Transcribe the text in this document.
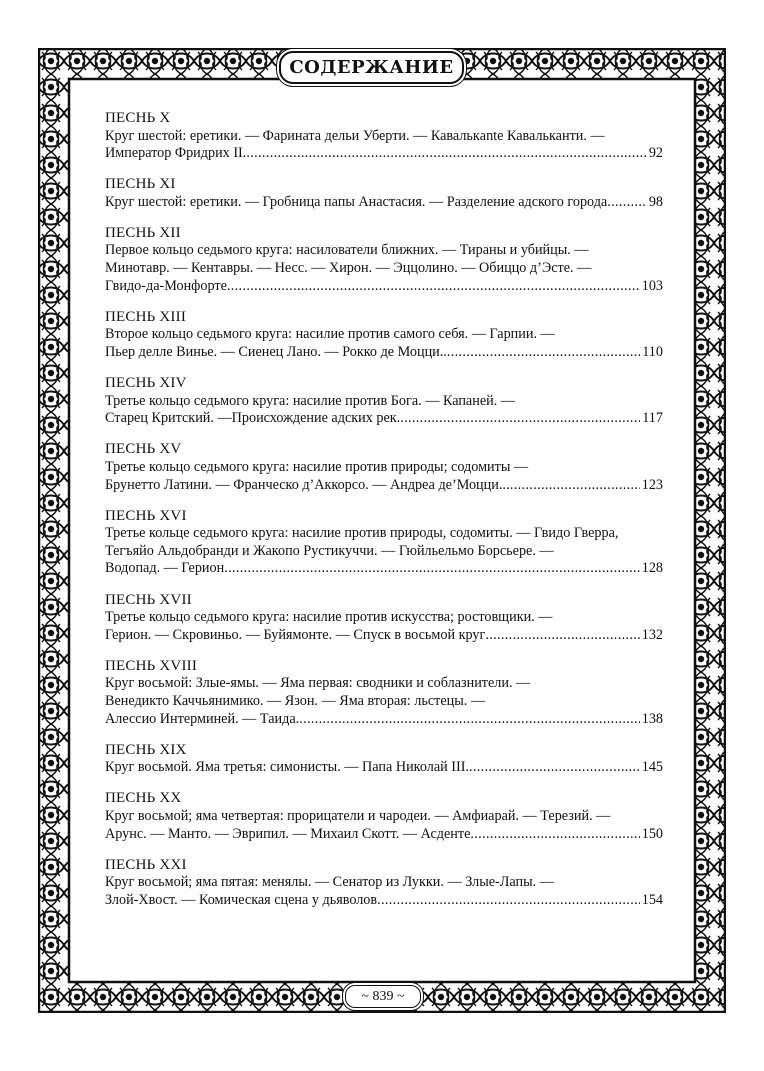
СОДЕРЖАНИЕ
ПЕСНЬ X
Круг шестой: еретики. — Фарината дельи Уберти. — Кавалькante Кавальканти. —
Император Фридрих II. . . .	92
ПЕСНЬ XI
Круг шестой: еретики. — Гробница папы Анастасия. — Разделение адского города . . .	98
ПЕСНЬ XII
Первое кольцо седьмого круга: насилователи ближних. — Тираны и убийцы. —
Минотавр. — Кентавры. — Несс. — Хирон. — Эццолино. — Обиццо д’Эсте. —
Гвидо-да-Монфорте . . .	103
ПЕСНЬ XIII
Второе кольцо седьмого круга: насилие против самого себя. — Гарпии. —
Пьер делле Винье. — Сиенец Лано. — Рокко де Моцци.. . . .	110
ПЕСНЬ XIV
Третье кольцо седьмого круга: насилие против Бога. — Капаней. —
Старец Критский. —Происхождение адских рек. . . .	117
ПЕСНЬ XV
Третье кольцо седьмого круга: насилие против природы; содомиты —
Брунетто Латини. — Франческо д’Аккорсо. — Андреа де’Моцци.. . . .	123
ПЕСНЬ XVI
Третье кольце седьмого круга: насилие против природы, содомиты. — Гвидо Гверра,
Тегъяйо Альдобранди и Жакопо Рустикуччи. — Гюйльельмо Борсьере. —
Водопад. — Герион . . .	128
ПЕСНЬ XVII
Третье кольцо седьмого круга: насилие против искусства; ростовщики. —
Герион. — Скровиньо. — Буйямонте. — Спуск в восьмой круг . . .	132
ПЕСНЬ XVIII
Круг восьмой: Злые-ямы. — Яма первая: сводники и соблазнители. —
Венедикто Каччьянимико. — Язон. — Яма вторая: льстецы. —
Алессио Интерминей. — Таида. . . .	138
ПЕСНЬ XIX
Круг восьмой. Яма третья: симонисты. — Папа Николай III. . . .	145
ПЕСНЬ XX
Круг восьмой; яма четвертая: прорицатели и чародеи. — Амфиарай. — Терезий. —
Арунс. — Манто. — Эврипил. — Михаил Скотт. — Асденте . . .	150
ПЕСНЬ XXI
Круг восьмой; яма пятая: менялы. — Сенатор из Лукки. — Злые-Лапы. —
Злой-Хвост. — Комическая сцена у дьяволов . . .	154
~ 839 ~
